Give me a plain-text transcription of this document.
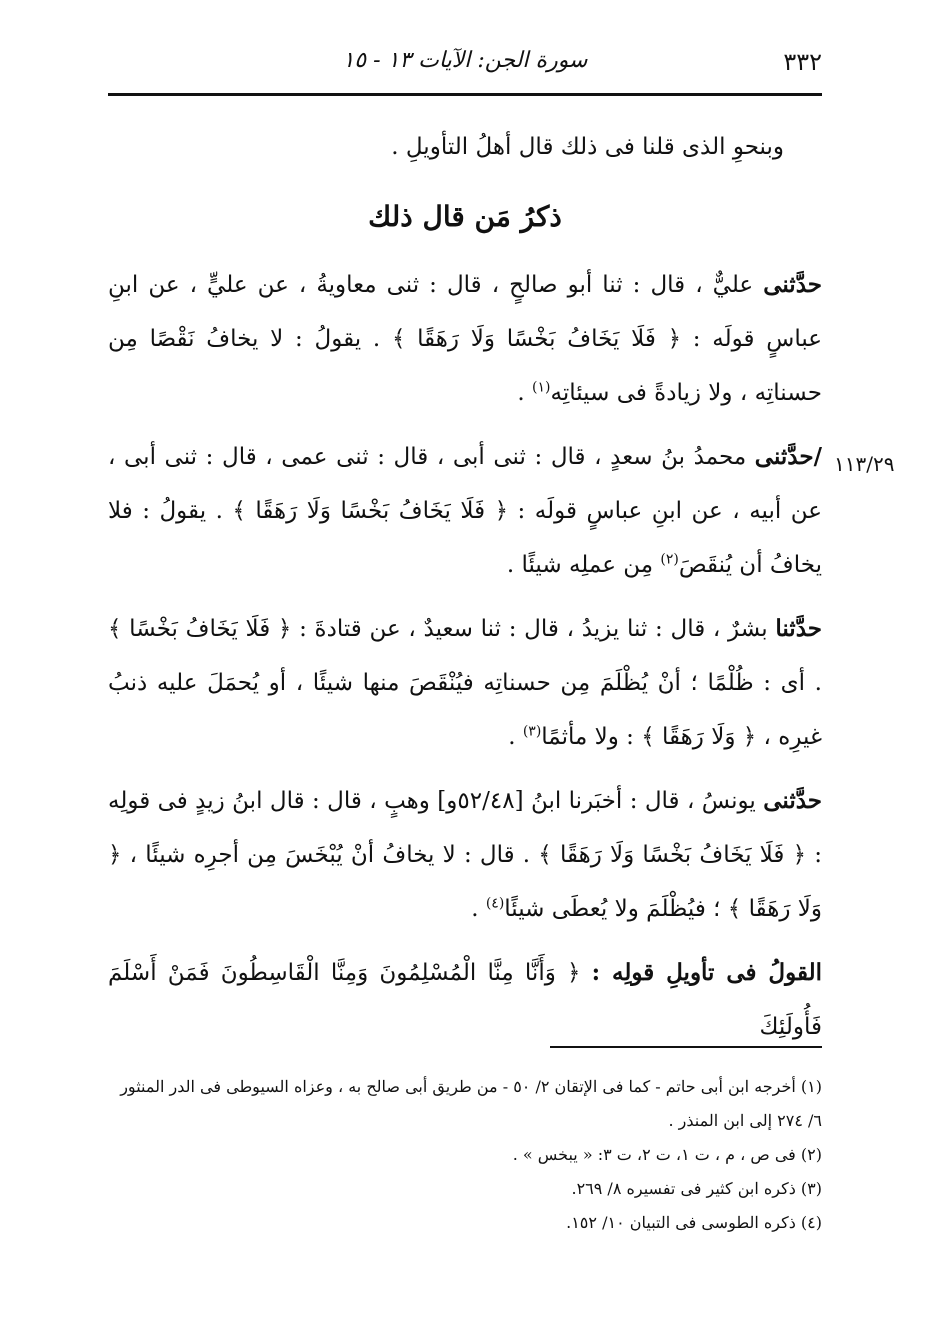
٣٣٢
سورة الجن: الآيات ١٣ - ١٥
١١٣/٢٩

وبنحوِ الذى قلنا فى ذلك قال أهلُ التأويلِ .

ذكرُ مَن قال ذلك

حدَّثنى عليٌّ ، قال : ثنا أبو صالحٍ ، قال : ثنى معاويةُ ، عن عليٍّ ، عن ابنِ عباسٍ قولَه : ﴿ فَلَا يَخَافُ بَخْسًا وَلَا رَهَقًا ﴾ . يقولُ : لا يخافُ نَقْصًا مِن حسناتِه ، ولا زيادةً فى سيئاتِه$^{(١)}$ .

/حدَّثنى محمدُ بنُ سعدٍ ، قال : ثنى أبى ، قال : ثنى عمى ، قال : ثنى أبى ، عن أبيه ، عن ابنِ عباسٍ قولَه : ﴿ فَلَا يَخَافُ بَخْسًا وَلَا رَهَقًا ﴾ . يقولُ : فلا يخافُ أن يُنقَصَ$^{(٢)}$ مِن عملِه شيئًا .

حدَّثنا بشرٌ ، قال : ثنا يزيدُ ، قال : ثنا سعيدٌ ، عن قتادةَ : ﴿ فَلَا يَخَافُ بَخْسًا ﴾ . أى : ظُلْمًا ؛ أنْ يُظْلَمَ مِن حسناتِه فيُنْقَصَ منها شيئًا ، أو يُحمَلَ عليه ذنبُ غيرِه ، ﴿ وَلَا رَهَقًا ﴾ : ولا مأثمًا$^{(٣)}$ .

حدَّثنى يونسُ ، قال : أخبَرنا ابنُ [٥٢/٤٨و] وهبٍ ، قال : قال ابنُ زيدٍ فى قولِه : ﴿ فَلَا يَخَافُ بَخْسًا وَلَا رَهَقًا ﴾ . قال : لا يخافُ أنْ يُبْخَسَ مِن أجرِه شيئًا ، ﴿ وَلَا رَهَقًا ﴾ ؛ فيُظْلَمَ ولا يُعطَى شيئًا$^{(٤)}$ .

القولُ فى تأويلِ قولِه : ﴿ وَأَنَّا مِنَّا الْمُسْلِمُونَ وَمِنَّا الْقَاسِطُونَ فَمَنْ أَسْلَمَ فَأُولَئِكَ

(١) أخرجه ابن أبى حاتم - كما فى الإتقان ٢/ ٥٠ - من طريق أبى صالح به ، وعزاه السيوطى فى الدر المنثور ٦/ ٢٧٤ إلى ابن المنذر .

(٢) فى ص ، م ، ت ١، ت ٢، ت ٣: « يبخس » .

(٣) ذكره ابن كثير فى تفسيره ٨/ ٢٦٩.

(٤) ذكره الطوسى فى التبيان ١٠/ ١٥٢.
